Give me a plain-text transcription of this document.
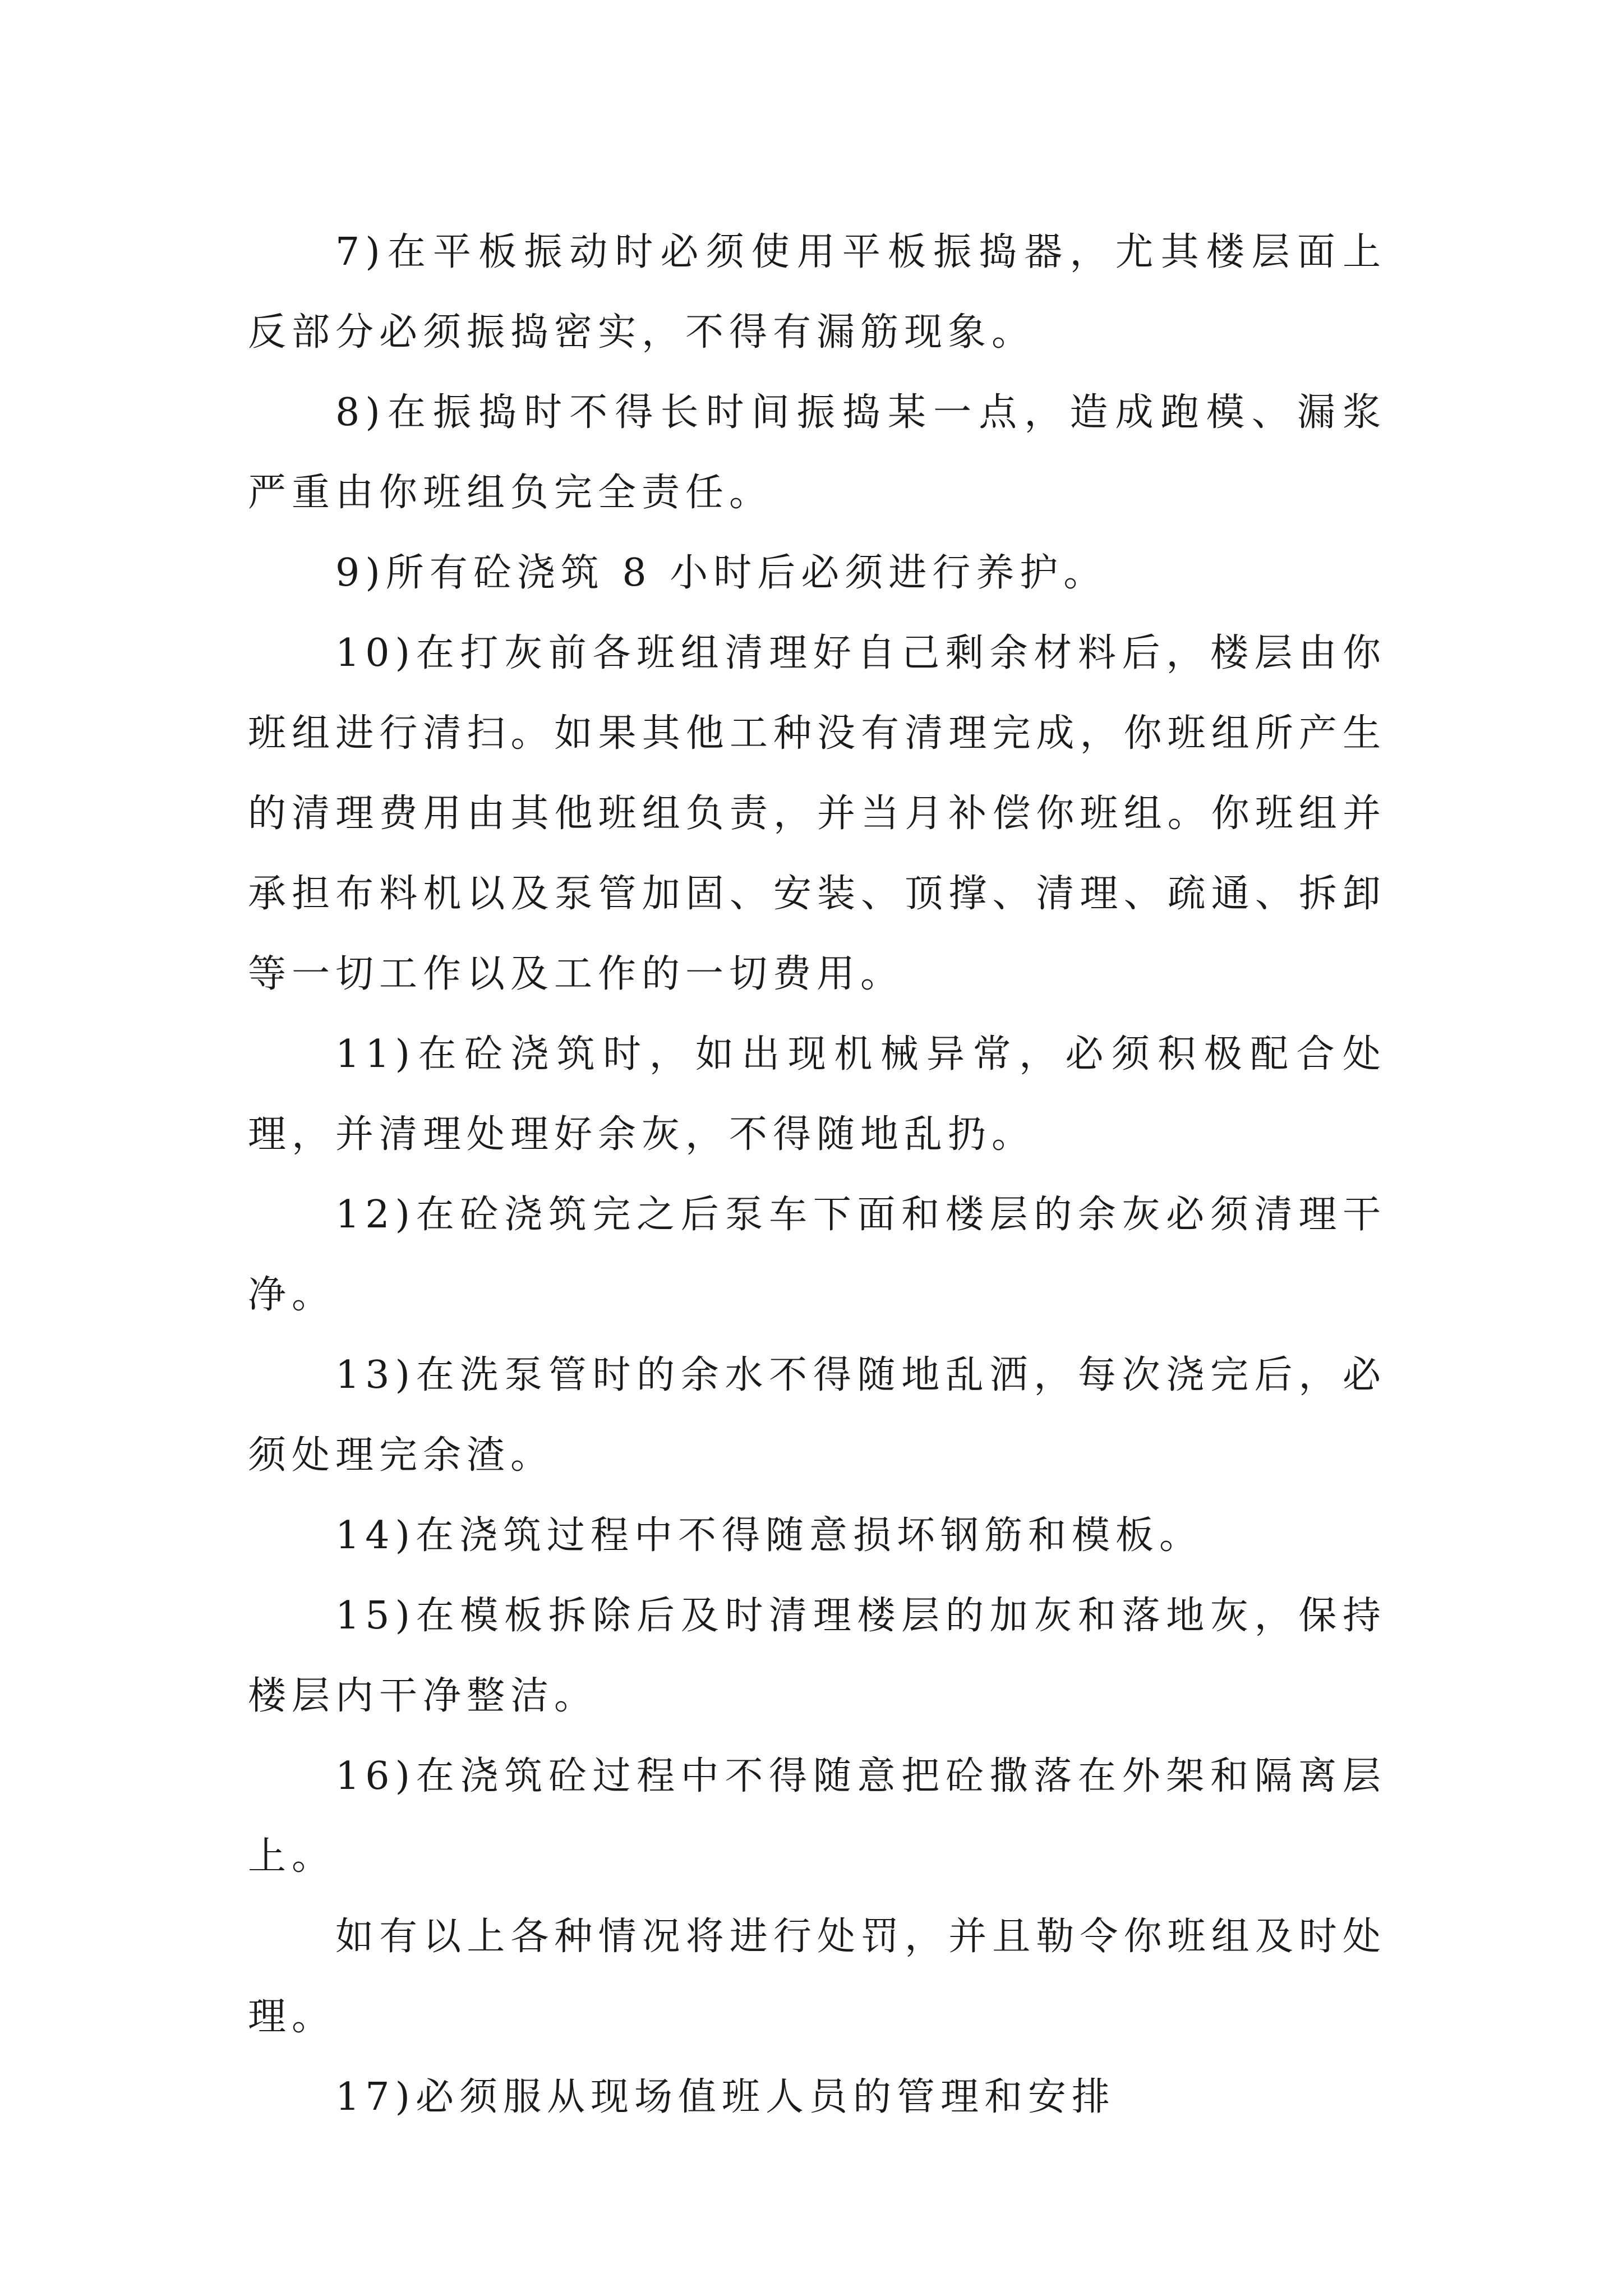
7)在平板振动时必须使用平板振捣器，尤其楼层面上反部分必须振捣密实，不得有漏筋现象。

8)在振捣时不得长时间振捣某一点，造成跑模、漏浆严重由你班组负完全责任。

9)所有砼浇筑 8 小时后必须进行养护。

10)在打灰前各班组清理好自己剩余材料后，楼层由你班组进行清扫。如果其他工种没有清理完成，你班组所产生的清理费用由其他班组负责，并当月补偿你班组。你班组并承担布料机以及泵管加固、安装、顶撑、清理、疏通、拆卸等一切工作以及工作的一切费用。

11)在砼浇筑时，如出现机械异常，必须积极配合处理，并清理处理好余灰，不得随地乱扔。

12)在砼浇筑完之后泵车下面和楼层的余灰必须清理干净。

13)在洗泵管时的余水不得随地乱洒，每次浇完后，必须处理完余渣。

14)在浇筑过程中不得随意损坏钢筋和模板。

15)在模板拆除后及时清理楼层的加灰和落地灰，保持楼层内干净整洁。

16)在浇筑砼过程中不得随意把砼撒落在外架和隔离层上。

如有以上各种情况将进行处罚，并且勒令你班组及时处理。

17)必须服从现场值班人员的管理和安排
